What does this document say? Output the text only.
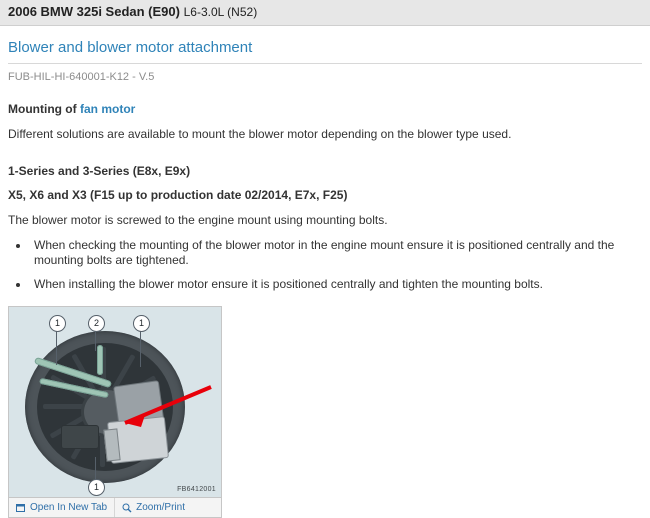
2006 BMW 325i Sedan (E90) L6-3.0L (N52)
Blower and blower motor attachment
FUB-HIL-HI-640001-K12 - V.5
Mounting of fan motor

Different solutions are available to mount the blower motor depending on the blower type used.

1-Series and 3-Series (E8x, E9x)
X5, X6 and X3 (F15 up to production date 02/2014, E7x, F25)

The blower motor is screwed to the engine mount using mounting bolts.

• When checking the mounting of the blower motor in the engine mount ensure it is positioned centrally and the mounting bolts are tightened.
• When installing the blower motor ensure it is positioned centrally and tighten the mounting bolts.
1	2	1
1	FB6412001
Open In New Tab	Zoom/Print
